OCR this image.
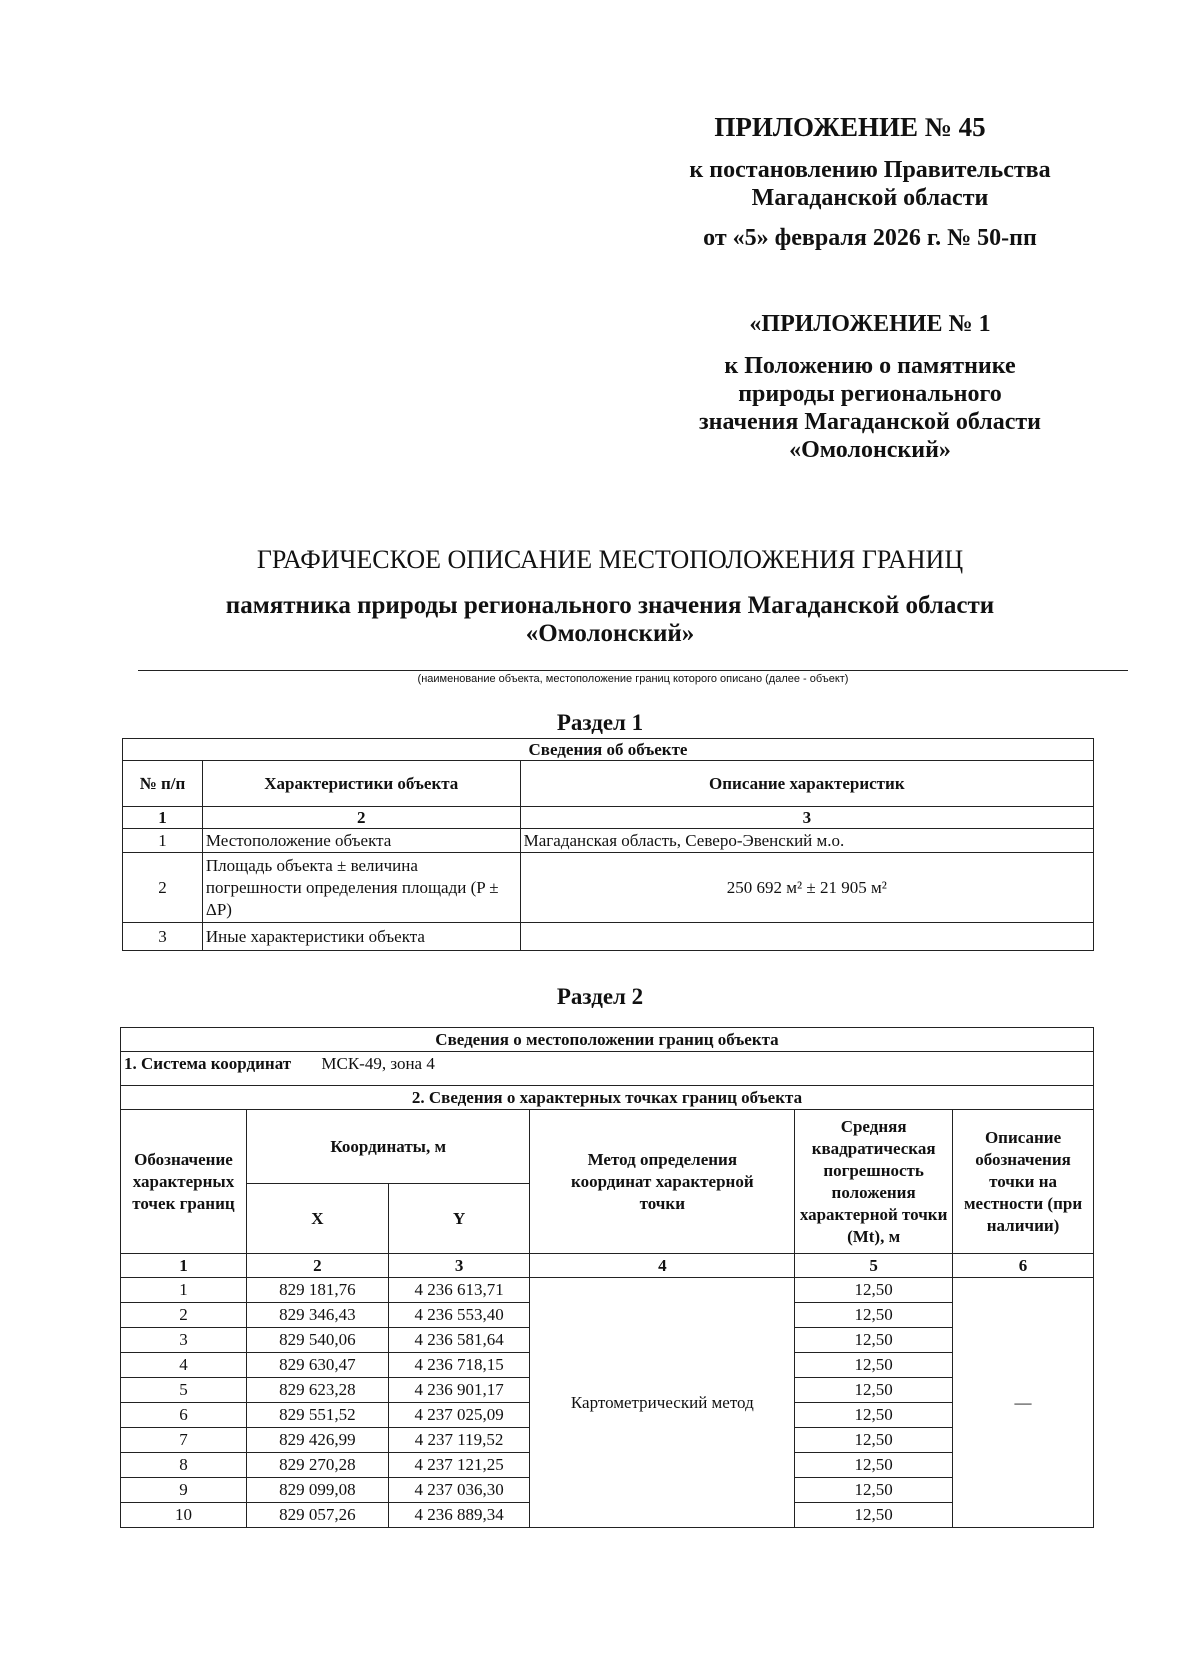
ПРИЛОЖЕНИЕ № 45
к постановлению Правительства
Магаданской области
от «5» февраля 2026 г. № 50-пп
«ПРИЛОЖЕНИЕ № 1
к Положению о памятнике
природы регионального
значения Магаданской области
«Омолонский»
ГРАФИЧЕСКОЕ ОПИСАНИЕ МЕСТОПОЛОЖЕНИЯ ГРАНИЦ
памятника природы регионального значения Магаданской области
«Омолонский»
(наименование объекта, местоположение границ которого описано (далее - объект)
Раздел 1
Сведения об объекте		
№ п/п	Характеристики объекта	Описание характеристик
1	2	3
1	Местоположение объекта	Магаданская область, Северо-Эвенский м.о.
2	Площадь объекта ± величина погрешности определения площади (P ± ΔP)	250 692 м² ± 21 905 м²
3	Иные характеристики объекта	
Раздел 2
Сведения о местоположении границ объекта					
1. Система координат МСК-49, зона 4					
2. Сведения о характерных точках границ объекта					
Обозначение характерных точек границ	Координаты, м		Метод определения координат характерной точки	Средняя квадратическая погрешность положения характерной точки (Mt), м	Описание обозначения точки на местности (при наличии)
	X	Y			
1	2	3	4	5	6
1	829 181,76	4 236 613,71	Картометрический метод	12,50	—
2	829 346,43	4 236 553,40		12,50	
3	829 540,06	4 236 581,64		12,50	
4	829 630,47	4 236 718,15		12,50	
5	829 623,28	4 236 901,17		12,50	
6	829 551,52	4 237 025,09		12,50	
7	829 426,99	4 237 119,52		12,50	
8	829 270,28	4 237 121,25		12,50	
9	829 099,08	4 237 036,30		12,50	
10	829 057,26	4 236 889,34		12,50	
